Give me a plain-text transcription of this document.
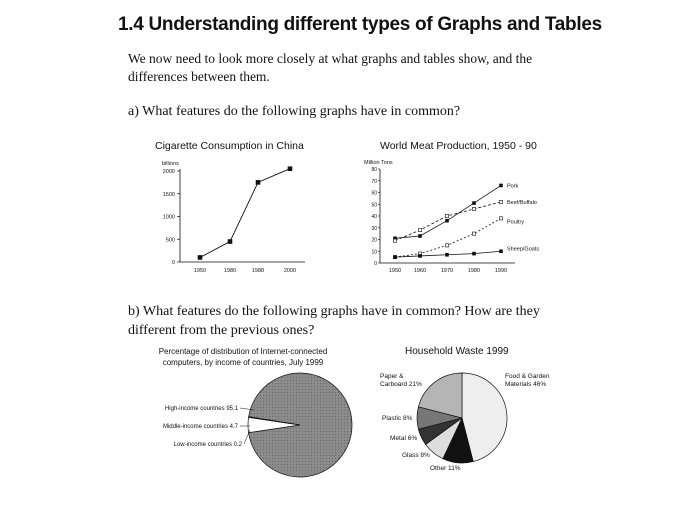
1.4 Understanding different types of Graphs and Tables
We now need to look more closely at what graphs and tables show, and the differences between them.
a) What features do the following graphs have in common?
b) What features do the following graphs have in common? How are they different from the previous ones?
Cigarette Consumption in China
billions
0
500
1000
1500
2000
1950	1980	1988	2000
World Meat Production, 1950 - 90
Million Tons
0
10
20
30
40
50
60
70
80
1950 1960	1970	1980	1990
Pork
Beef/Buffalo
Poultry
Sheep/Goats
Percentage of distribution of Internet-connected computers, by income of countries, July 1999
High-income countries 95.1
Middle-income countries 4.7
Low-income countries 0.2
Household Waste 1999
Food & Garden Materials 46%
Other 11%
Glass 8%
Metal 6%
Plastic 8%
Paper & Carboard 21%
